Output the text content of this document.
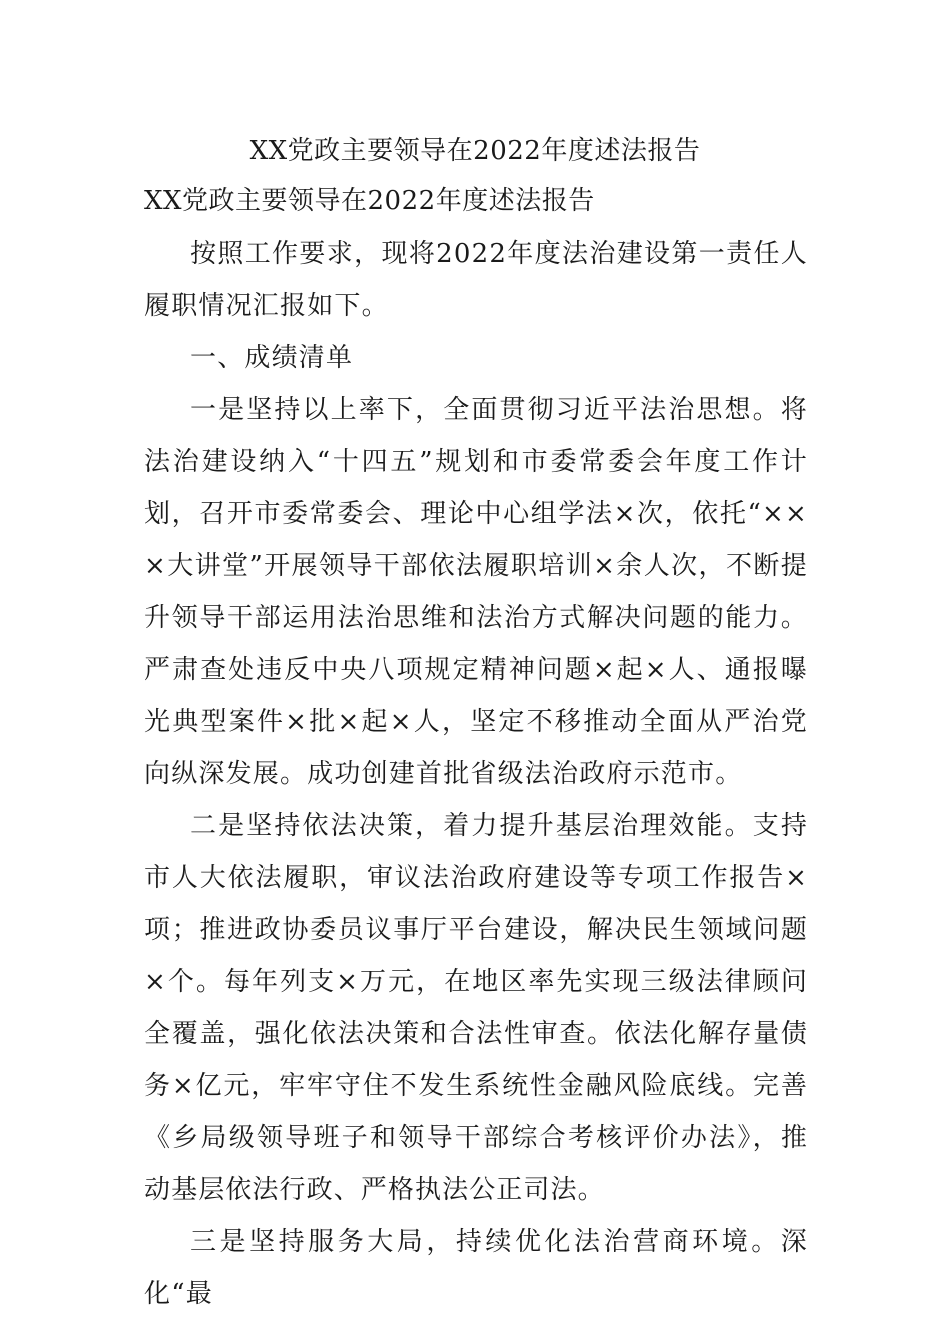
XX党政主要领导在2022年度述法报告
XX党政主要领导在2022年度述法报告

按照工作要求，现将2022年度法治建设第一责任人履职情况汇报如下。

一、成绩清单

一是坚持以上率下，全面贯彻习近平法治思想。将法治建设纳入“十四五”规划和市委常委会年度工作计划，召开市委常委会、理论中心组学法×次，依托“×××大讲堂”开展领导干部依法履职培训×余人次，不断提升领导干部运用法治思维和法治方式解决问题的能力。严肃查处违反中央八项规定精神问题×起×人、通报曝光典型案件×批×起×人，坚定不移推动全面从严治党向纵深发展。成功创建首批省级法治政府示范市。

二是坚持依法决策，着力提升基层治理效能。支持市人大依法履职，审议法治政府建设等专项工作报告×项；推进政协委员议事厅平台建设，解决民生领域问题×个。每年列支×万元，在地区率先实现三级法律顾问全覆盖，强化依法决策和合法性审查。依法化解存量债务×亿元，牢牢守住不发生系统性金融风险底线。完善《乡局级领导班子和领导干部综合考核评价办法》，推动基层依法行政、严格执法公正司法。

三是坚持服务大局，持续优化法治营商环境。深化“最
